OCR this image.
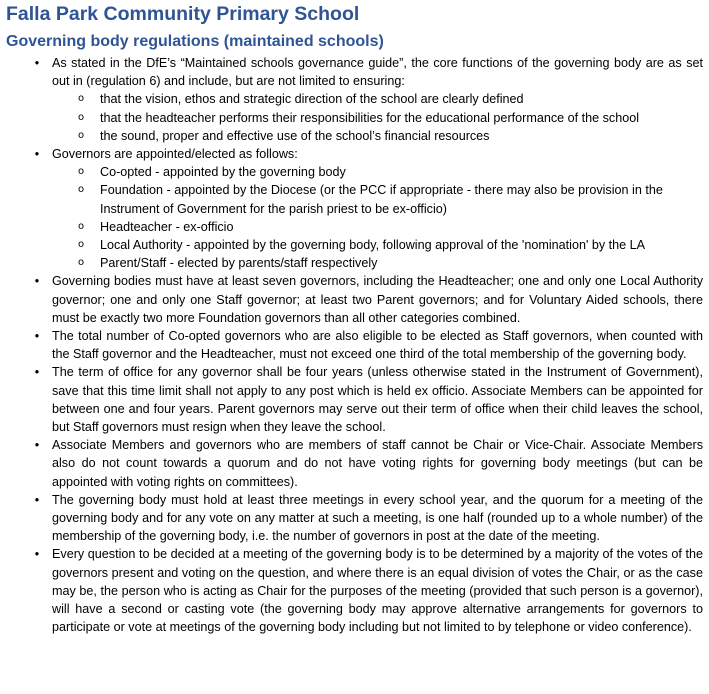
Falla Park Community Primary School
Governing body regulations (maintained schools)
• As stated in the DfE’s “Maintained schools governance guide”, the core functions of the governing body are as set out in (regulation 6) and include, but are not limited to ensuring:
o that the vision, ethos and strategic direction of the school are clearly defined
o that the headteacher performs their responsibilities for the educational performance of the school
o the sound, proper and effective use of the school’s financial resources
• Governors are appointed/elected as follows:
o Co-opted - appointed by the governing body
o Foundation - appointed by the Diocese (or the PCC if appropriate - there may also be provision in the Instrument of Government for the parish priest to be ex-officio)
o Headteacher - ex-officio
o Local Authority - appointed by the governing body, following approval of the 'nomination' by the LA
o Parent/Staff - elected by parents/staff respectively
• Governing bodies must have at least seven governors, including the Headteacher; one and only one Local Authority governor; one and only one Staff governor; at least two Parent governors; and for Voluntary Aided schools, there must be exactly two more Foundation governors than all other categories combined.
• The total number of Co-opted governors who are also eligible to be elected as Staff governors, when counted with the Staff governor and the Headteacher, must not exceed one third of the total membership of the governing body.
• The term of office for any governor shall be four years (unless otherwise stated in the Instrument of Government), save that this time limit shall not apply to any post which is held ex officio. Associate Members can be appointed for between one and four years. Parent governors may serve out their term of office when their child leaves the school, but Staff governors must resign when they leave the school.
• Associate Members and governors who are members of staff cannot be Chair or Vice-Chair. Associate Members also do not count towards a quorum and do not have voting rights for governing body meetings (but can be appointed with voting rights on committees).
• The governing body must hold at least three meetings in every school year, and the quorum for a meeting of the governing body and for any vote on any matter at such a meeting, is one half (rounded up to a whole number) of the membership of the governing body, i.e. the number of governors in post at the date of the meeting.
• Every question to be decided at a meeting of the governing body is to be determined by a majority of the votes of the governors present and voting on the question, and where there is an equal division of votes the Chair, or as the case may be, the person who is acting as Chair for the purposes of the meeting (provided that such person is a governor), will have a second or casting vote (the governing body may approve alternative arrangements for governors to participate or vote at meetings of the governing body including but not limited to by telephone or video conference).
